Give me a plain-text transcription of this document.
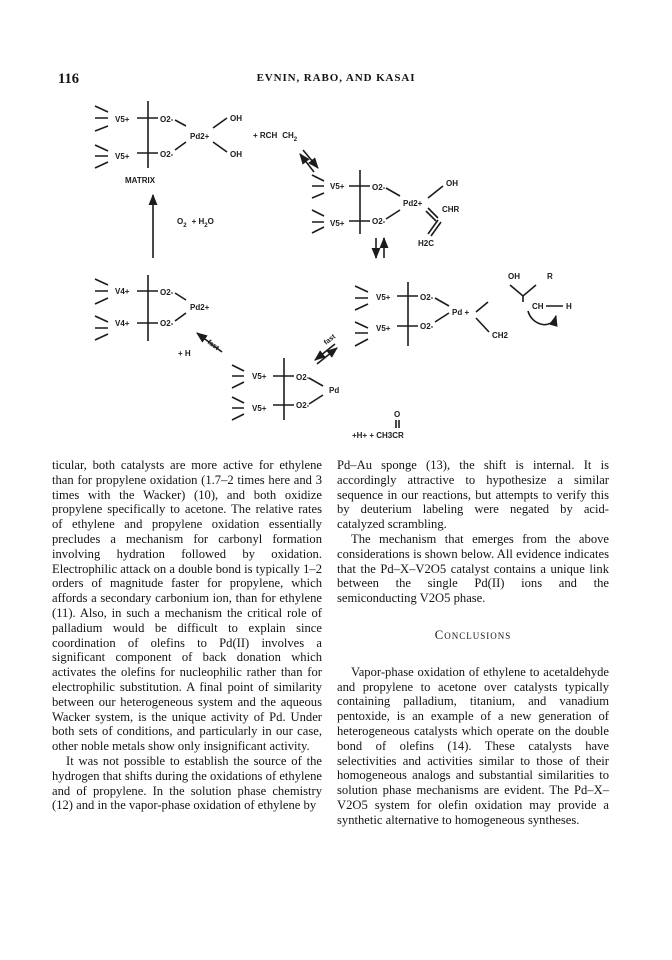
116	EVNIN, RABO, AND KASAI
V5+
V5+
O2-
O2-
Pd2+
OH
OH
MATRIX
+ RCH $CH_2$
$O_2 + H_2O$
V5+
V5+
O2-
O2-
Pd2+
OH
CHR
H2C
V5+
V5+
O2-
O2-
Pd +
OH	R
CH	H
CH2
V4+
V4+
O2-
O2-
Pd2+
fast
+ H
fast
V5+
V5+
O2-
O2-
Pd
O
+H+ + CH3CR

ticular, both catalysts are more active for ethylene than for propylene oxidation (1.7–2 times here and 3 times with the Wacker) (10), and both oxidize propylene specifically to acetone. The relative rates of ethylene and propylene oxidation essentially precludes a mechanism for carbonyl formation involving hydration followed by oxidation. Electrophilic attack on a double bond is typically 1–2 orders of magnitude faster for propylene, which affords a secondary carbonium ion, than for ethylene (11). Also, in such a mechanism the critical role of palladium would be difficult to explain since coordination of olefins to Pd(II) involves a significant component of back donation which activates the olefins for nucleophilic rather than for electrophilic substitution. A final point of similarity between our heterogeneous system and the aqueous Wacker system, is the unique activity of Pd. Under both sets of conditions, and particularly in our case, other noble metals show only insignificant activity.

It was not possible to establish the source of the hydrogen that shifts during the oxidations of ethylene and of propylene. In the solution phase chemistry (12) and in the vapor-phase oxidation of ethylene by

Pd–Au sponge (13), the shift is internal. It is accordingly attractive to hypothesize a similar sequence in our reactions, but attempts to verify this by deuterium labeling were negated by acid-catalyzed scrambling.

The mechanism that emerges from the above considerations is shown below. All evidence indicates that the Pd–X–V2O5 catalyst contains a unique link between the single Pd(II) ions and the semiconducting V2O5 phase.

Conclusions

Vapor-phase oxidation of ethylene to acetaldehyde and propylene to acetone over catalysts typically containing palladium, titanium, and vanadium pentoxide, is an example of a new generation of heterogeneous catalysts which operate on the double bond of olefins (14). These catalysts have selectivities and activities similar to those of their homogeneous analogs and substantial similarities to solution phase mechanisms are evident. The Pd–X–V2O5 system for olefin oxidation may provide a synthetic alternative to homogeneous syntheses.
